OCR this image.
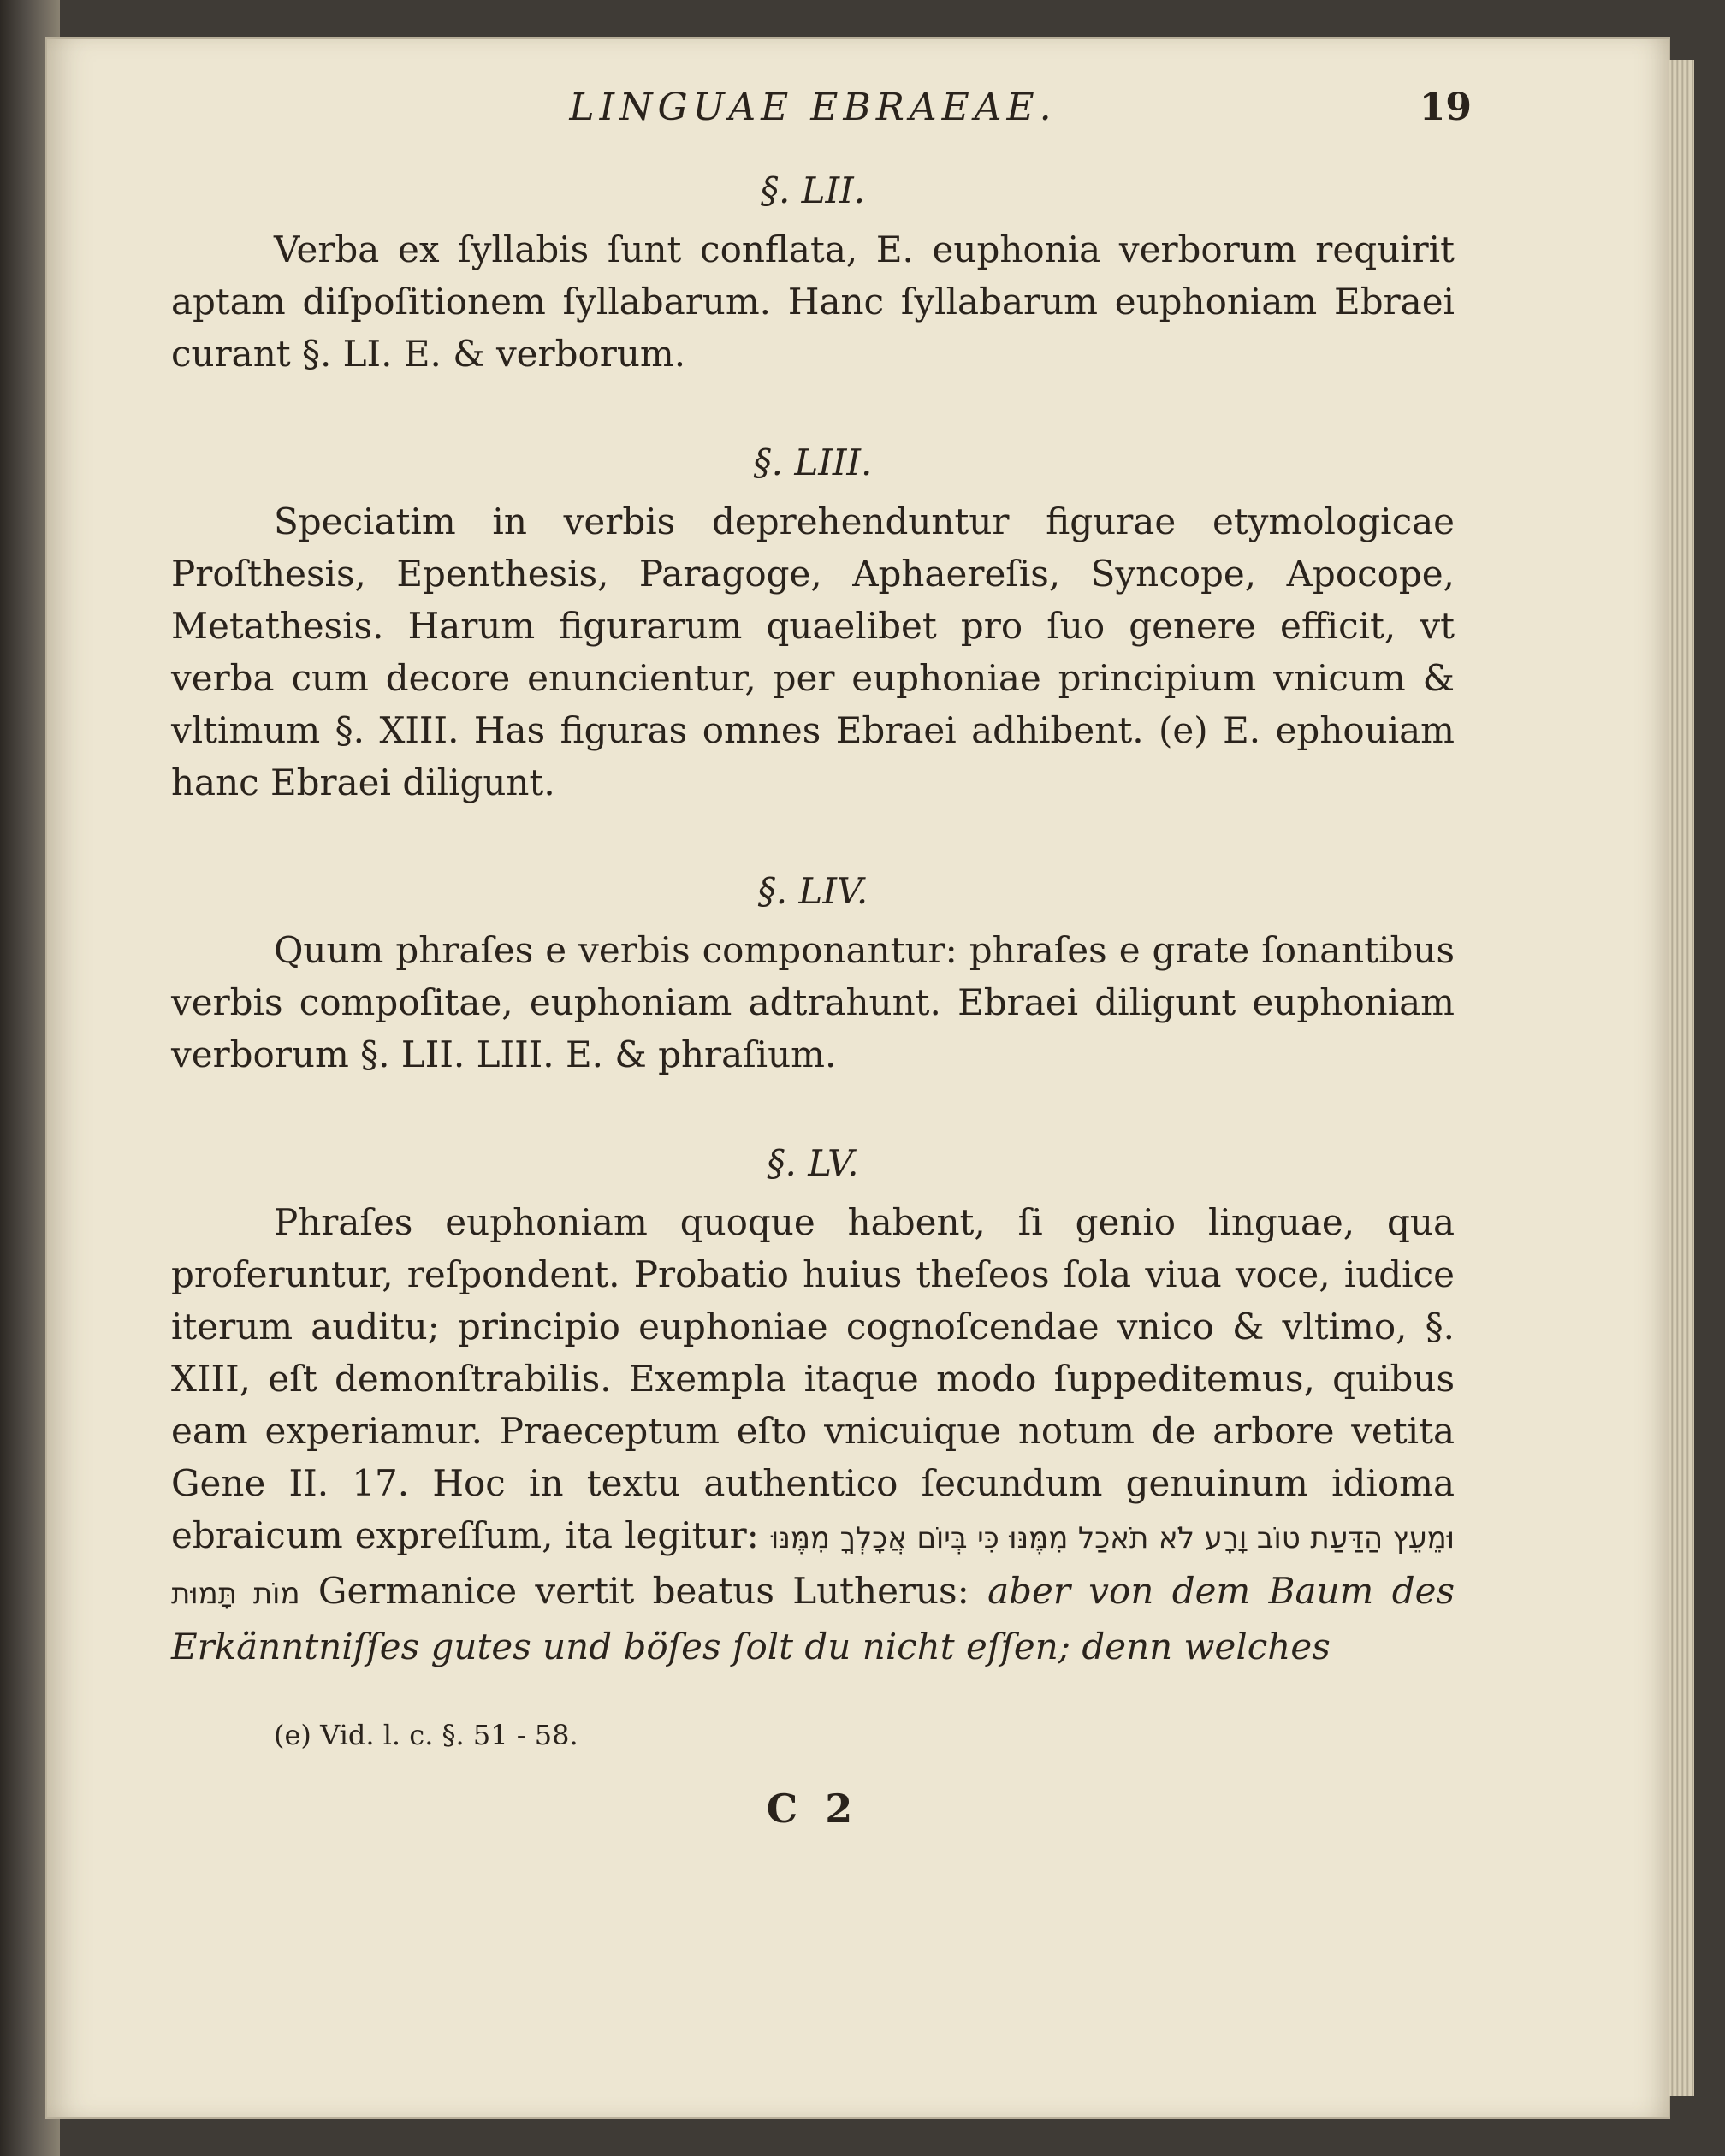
LINGUAE EBRAEAE.	19
§. LII.

Verba ex ſyllabis ſunt conflata, E. euphonia verborum requirit aptam diſpoſitionem ſyllabarum. Hanc ſyllabarum euphoniam Ebraei curant §. LI. E. & verborum.

§. LIII.

Speciatim in verbis deprehenduntur figurae etymologicae Proſthesis, Epenthesis, Paragoge, Aphaereſis, Syncope, Apocope, Metathesis. Harum figurarum quaelibet pro ſuo genere efficit, vt verba cum decore enuncientur, per euphoniae principium vnicum & vltimum §. XIII. Has figuras omnes Ebraei adhibent. (e) E. ephouiam hanc Ebraei diligunt.

§. LIV.

Quum phraſes e verbis componantur: phraſes e grate ſonantibus verbis compoſitae, euphoniam adtrahunt. Ebraei diligunt euphoniam verborum §. LII. LIII. E. & phraſium.

§. LV.

Phraſes euphoniam quoque habent, ſi genio linguae, qua proferuntur, reſpondent. Probatio huius theſeos ſola viua voce, iudice iterum auditu; principio euphoniae cognoſcendae vnico & vltimo, §. XIII, eſt demonſtrabilis. Exempla itaque modo ſuppeditemus, quibus eam experiamur. Praeceptum eſto vnicuique notum de arbore vetita Gene II. 17. Hoc in textu authentico ſecundum genuinum idioma ebraicum expreſſum, ita legitur: וּמֵעֵץ הַדַּעַת טוֹב וָרָע לֹא תֹאכַל מִמֶּנּוּ כִּי בְּיוֹם אֲכָלְךָ מִמֶּנּוּ מוֹת תָּמוּת Germanice vertit beatus Lutherus: aber von dem Baum des Erkänntniſſes gutes und böſes ſolt du nicht eſſen; denn welches

(e) Vid. l. c. §. 51 - 58.
C 2
